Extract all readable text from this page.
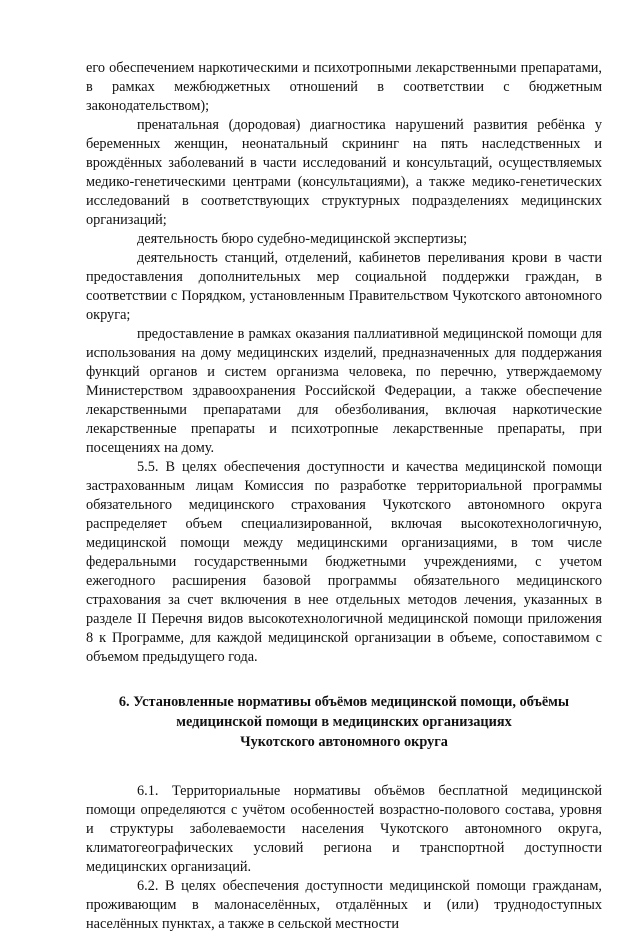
его обеспечением наркотическими и психотропными лекарственными препаратами, в рамках межбюджетных отношений в соответствии с бюджетным законодательством);

пренатальная (дородовая) диагностика нарушений развития ребёнка у беременных женщин, неонатальный скрининг на пять наследственных и врождённых заболеваний в части исследований и консультаций, осуществляемых медико-генетическими центрами (консультациями), а также медико-генетических исследований в соответствующих структурных подразделениях медицинских организаций;

деятельность бюро судебно-медицинской экспертизы;

деятельность станций, отделений, кабинетов переливания крови в части предоставления дополнительных мер социальной поддержки граждан, в соответствии с Порядком, установленным Правительством Чукотского автономного округа;

предоставление в рамках оказания паллиативной медицинской помощи для использования на дому медицинских изделий, предназначенных для поддержания функций органов и систем организма человека, по перечню, утверждаемому Министерством здравоохранения Российской Федерации, а также обеспечение лекарственными препаратами для обезболивания, включая наркотические лекарственные препараты и психотропные лекарственные препараты, при посещениях на дому.

5.5. В целях обеспечения доступности и качества медицинской помощи застрахованным лицам Комиссия по разработке территориальной программы обязательного медицинского страхования Чукотского автономного округа распределяет объем специализированной, включая высокотехнологичную, медицинской помощи между медицинскими организациями, в том числе федеральными государственными бюджетными учреждениями, с учетом ежегодного расширения базовой программы обязательного медицинского страхования за счет включения в нее отдельных методов лечения, указанных в разделе II Перечня видов высокотехнологичной медицинской помощи приложения 8 к Программе, для каждой медицинской организации в объеме, сопоставимом с объемом предыдущего года.

6. Установленные нормативы объёмов медицинской помощи, объёмы
медицинской помощи в медицинских организациях
Чукотского автономного округа

6.1. Территориальные нормативы объёмов бесплатной медицинской помощи определяются с учётом особенностей возрастно-полового состава, уровня и структуры заболеваемости населения Чукотского автономного округа, климатогеографических условий региона и транспортной доступности медицинских организаций.

6.2. В целях обеспечения доступности медицинской помощи гражданам, проживающим в малонаселённых, отдалённых и (или) труднодоступных населённых пунктах, а также в сельской местности
